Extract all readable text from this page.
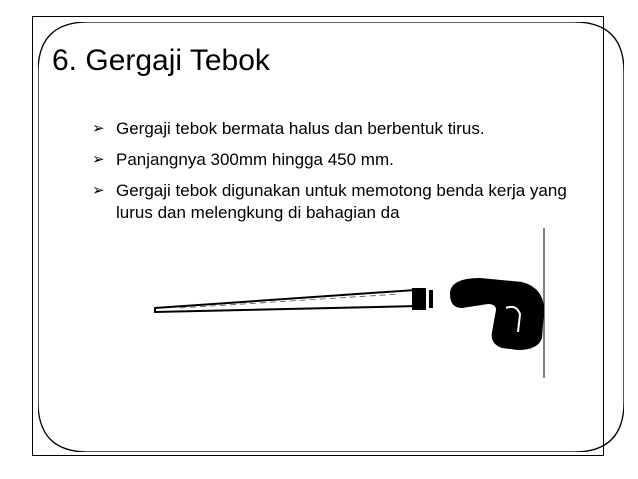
6. Gergaji Tebok
➢ Gergaji tebok bermata halus dan berbentuk tirus.
➢ Panjangnya 300mm hingga 450 mm.
➢ Gergaji tebok digunakan untuk memotong benda kerja yang lurus dan melengkung di bahagian da
